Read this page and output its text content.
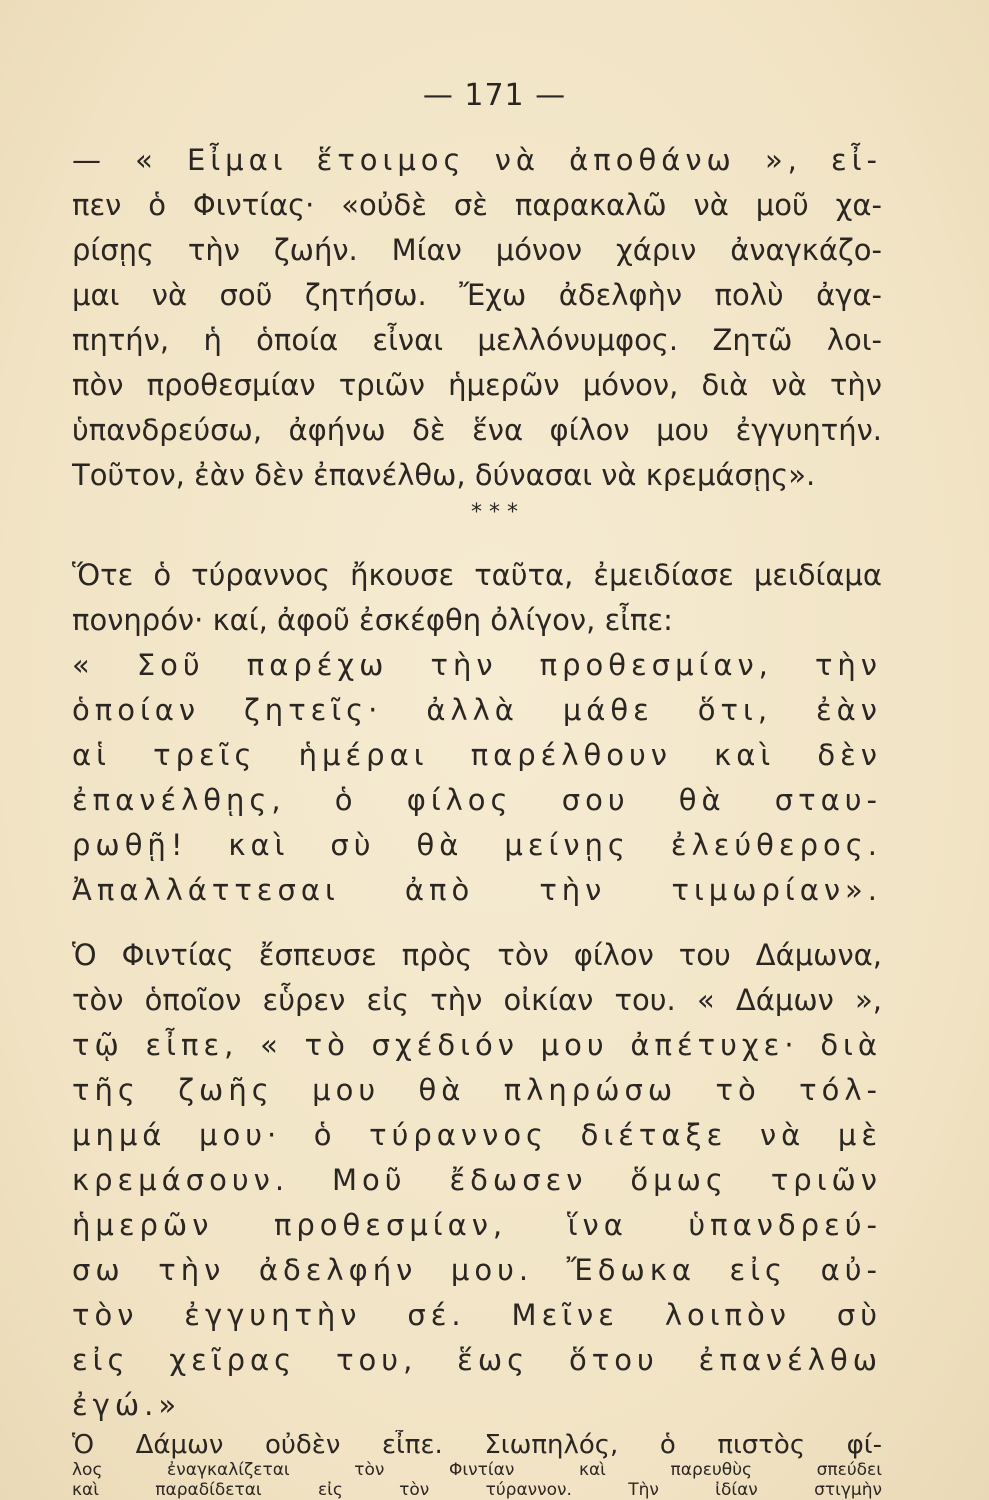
— 171 —
— « Εἶμαι ἕτοιμος νὰ ἀποθάνω », εἶ-
πεν ὁ Φιντίας· «οὐδὲ σὲ παρακαλῶ νὰ μοῦ χα-
ρίσῃς τὴν ζωήν. Μίαν μόνον χάριν ἀναγκάζο-
μαι νὰ σοῦ ζητήσω. Ἔχω ἀδελφὴν πολὺ ἀγα-
πητήν, ἡ ὁποία εἶναι μελλόνυμφος. Ζητῶ λοι-
πὸν προθεσμίαν τριῶν ἡμερῶν μόνον, διὰ νὰ τὴν
ὑπανδρεύσω, ἀφήνω δὲ ἕνα φίλον μου ἐγγυητήν.
Τοῦτον, ἐὰν δὲν ἐπανέλθω, δύνασαι νὰ κρεμάσῃς».
* * *
Ὅτε ὁ τύραννος ἤκουσε ταῦτα, ἐμειδίασε μειδίαμα
πονηρόν· καί, ἀφοῦ ἐσκέφθη ὀλίγον, εἶπε:
« Σοῦ παρέχω τὴν προθεσμίαν, τὴν
ὁποίαν ζητεῖς· ἀλλὰ μάθε ὅτι, ἐὰν
αἱ τρεῖς ἡμέραι παρέλθουν καὶ δὲν
ἐπανέλθῃς, ὁ φίλος σου θὰ σταυ-
ρωθῇ! καὶ σὺ θὰ μείνῃς ἐλεύθερος.
Ἀπαλλάττεσαι ἀπὸ τὴν τιμωρίαν».
Ὁ Φιντίας ἔσπευσε πρὸς τὸν φίλον του Δάμωνα,
τὸν ὁποῖον εὗρεν εἰς τὴν οἰκίαν του. « Δάμων »,
τῷ εἶπε, « τὸ σχέδιόν μου ἀπέτυχε· διὰ
τῆς ζωῆς μου θὰ πληρώσω τὸ τόλ-
μημά μου· ὁ τύραννος διέταξε νὰ μὲ
κρεμάσουν. Μοῦ ἔδωσεν ὅμως τριῶν
ἡμερῶν προθεσμίαν, ἵνα ὑπανδρεύ-
σω τὴν ἀδελφήν μου. Ἔδωκα εἰς αὐ-
τὸν ἐγγυητὴν σέ. Μεῖνε λοιπὸν σὺ
εἰς χεῖρας του, ἕως ὅτου ἐπανέλθω
ἐγώ.»
Ὁ Δάμων οὐδὲν εἶπε. Σιωπηλός, ὁ πιστὸς φί-
λος ἐναγκαλίζεται τὸν Φιντίαν καὶ παρευθὺς σπεύδει
καὶ παραδίδεται εἰς τὸν τύραννον. Τὴν ἰδίαν στιγμὴν
